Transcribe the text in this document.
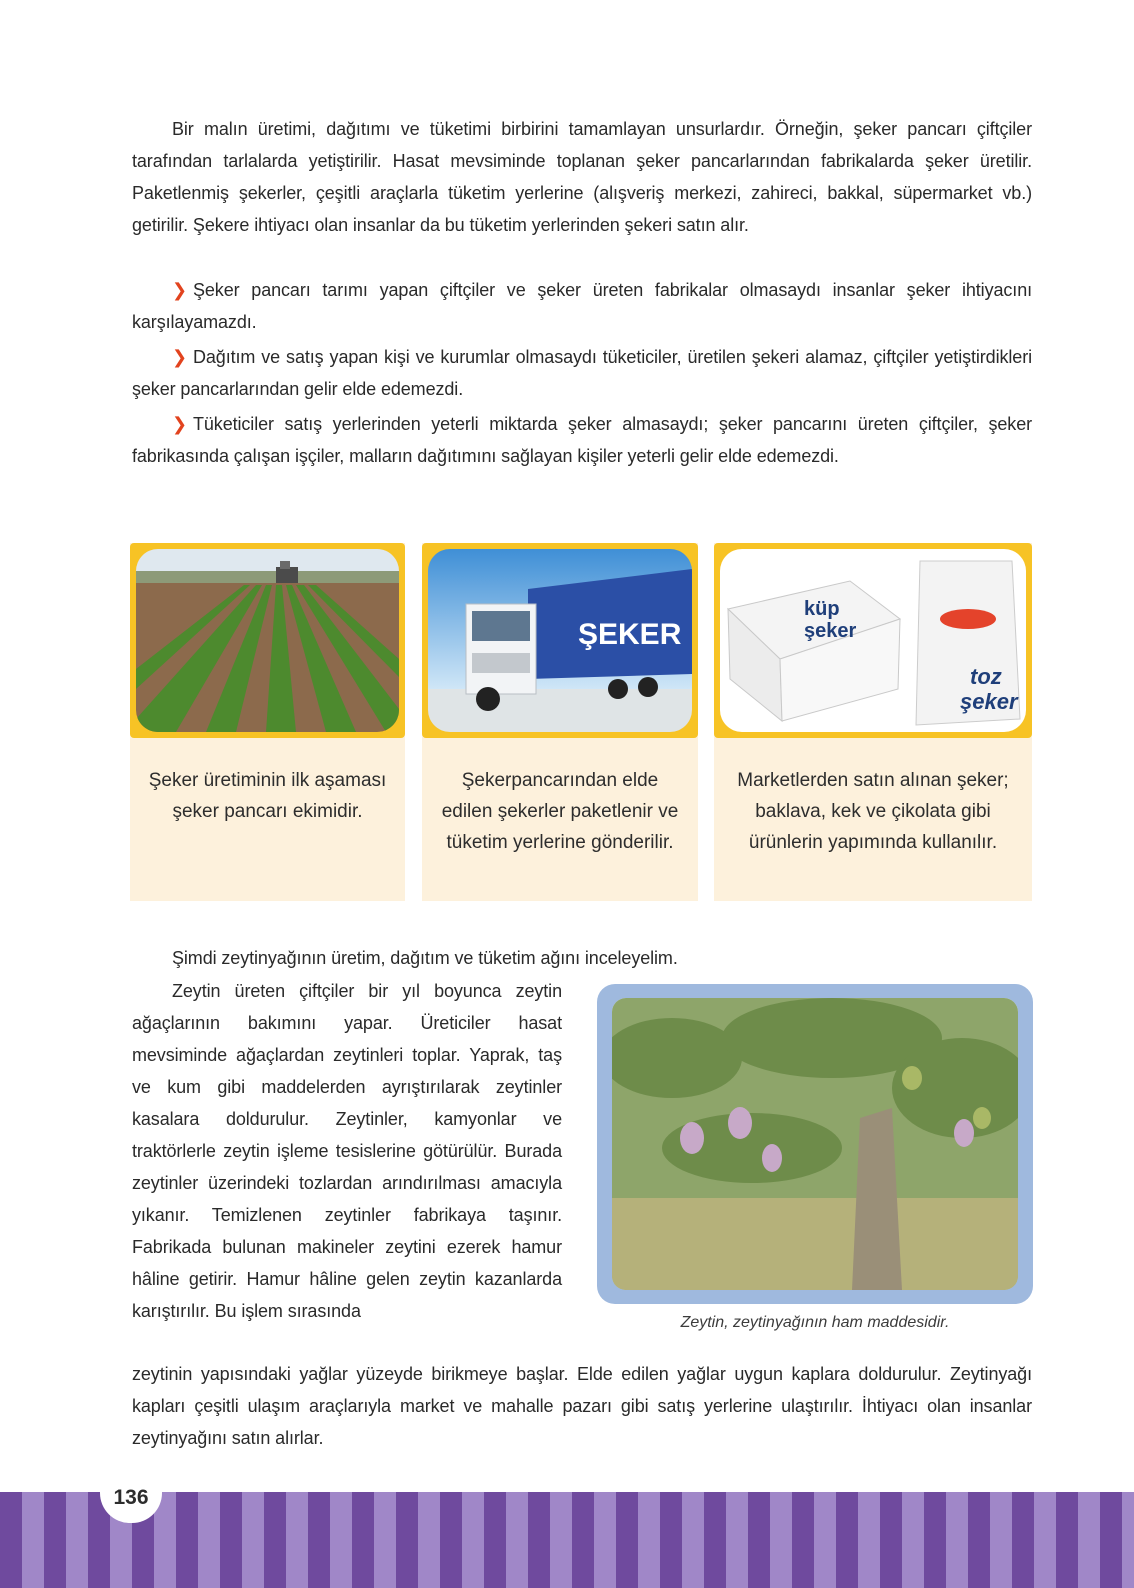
Bir malın üretimi, dağıtımı ve tüketimi birbirini tamamlayan unsurlardır. Örneğin, şeker pancarı çiftçiler tarafından tarlalarda yetiştirilir. Hasat mevsiminde toplanan şeker pancarlarından fabrikalarda şeker üretilir. Paketlenmiş şekerler, çeşitli araçlarla tüketim yerlerine (alışveriş merkezi, zahireci, bakkal, süpermarket vb.) getirilir. Şekere ihtiyacı olan insanlar da bu tüketim yerlerinden şekeri satın alır.

❯ Şeker pancarı tarımı yapan çiftçiler ve şeker üreten fabrikalar olmasaydı insanlar şeker ihtiyacını karşılayamazdı.

❯ Dağıtım ve satış yapan kişi ve kurumlar olmasaydı tüketiciler, üretilen şekeri alamaz, çiftçiler yetiştirdikleri şeker pancarlarından gelir elde edemezdi.

❯ Tüketiciler satış yerlerinden yeterli miktarda şeker almasaydı; şeker pancarını üreten çiftçiler, şeker fabrikasında çalışan işçiler, malların dağıtımını sağlayan kişiler yeterli gelir elde edemezdi.

Şeker üretiminin ilk aşaması şeker pancarı ekimidir.
ŞEKER
Şekerpancarından elde edilen şekerler paketlenir ve tüketim yerlerine gönderilir.
küp
şeker
toz
şeker
Marketlerden satın alınan şeker; baklava, kek ve çikolata gibi ürünlerin yapımında kullanılır.

Şimdi zeytinyağının üretim, dağıtım ve tüketim ağını inceleyelim.

Zeytin üreten çiftçiler bir yıl boyunca zeytin ağaçlarının bakımını yapar. Üreticiler hasat mevsiminde ağaçlardan zeytinleri toplar. Yaprak, taş ve kum gibi maddelerden ayrıştırılarak zeytinler kasalara doldurulur. Zeytinler, kamyonlar ve traktörlerle zeytin işleme tesislerine götürülür. Burada zeytinler üzerindeki tozlardan arındırılması amacıyla yıkanır. Temizlenen zeytinler fabrikaya taşınır. Fabrikada bulunan makineler zeytini ezerek hamur hâline getirir. Hamur hâline gelen zeytin kazanlarda karıştırılır. Bu işlem sırasında

zeytinin yapısındaki yağlar yüzeyde birikmeye başlar. Elde edilen yağlar uygun kaplara doldurulur. Zeytinyağı kapları çeşitli ulaşım araçlarıyla market ve mahalle pazarı gibi satış yerlerine ulaştırılır. İhtiyacı olan insanlar zeytinyağını satın alırlar.

Zeytin, zeytinyağının ham maddesidir.
136
